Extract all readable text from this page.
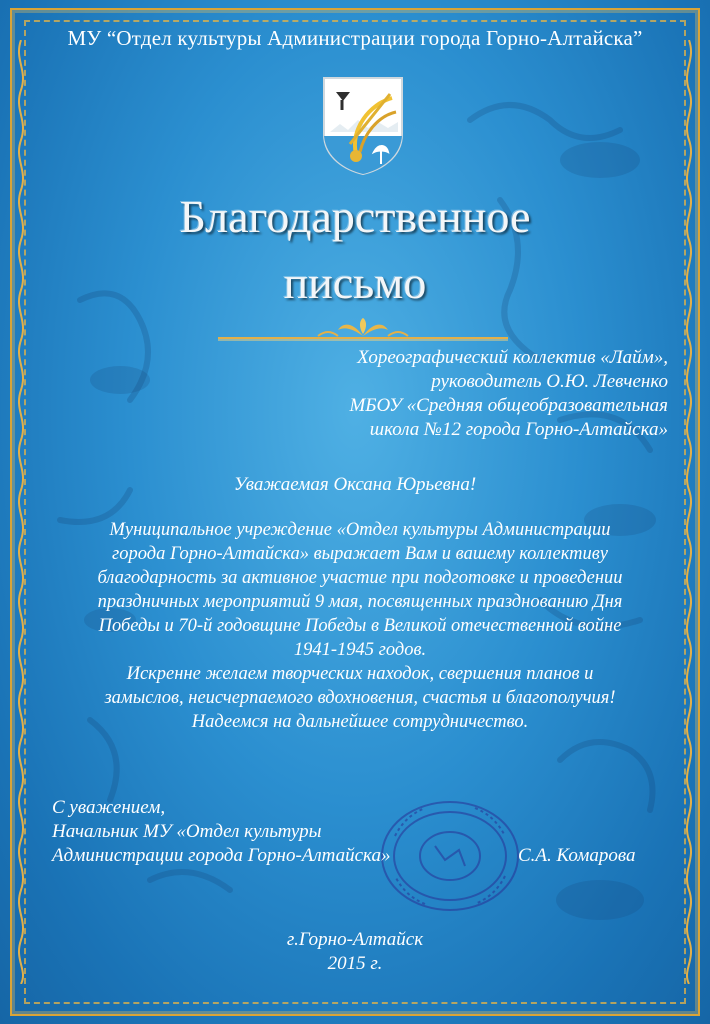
МУ “Отдел культуры Администрации города Горно-Алтайска”
Благодарственное
письмо
Хореографический коллектив «Лайм»,
руководитель О.Ю. Левченко
МБОУ «Средняя общеобразовательная
школа №12 города Горно-Алтайска»
Уважаемая Оксана Юрьевна!
Муниципальное учреждение «Отдел культуры Администрации
города Горно-Алтайска» выражает Вам и вашему коллективу
благодарность за активное участие при подготовке и проведении
праздничных мероприятий 9 мая, посвященных празднованию Дня
Победы и 70-й годовщине Победы в Великой отечественной войне
1941-1945 годов.
Искренне желаем творческих находок, свершения планов и
замыслов, неисчерпаемого вдохновения, счастья и благополучия!
Надеемся на дальнейшее сотрудничество.
С уважением,
Начальник МУ «Отдел культуры
Администрации города Горно-Алтайска»	С.А. Комарова
г.Горно-Алтайск
2015 г.
